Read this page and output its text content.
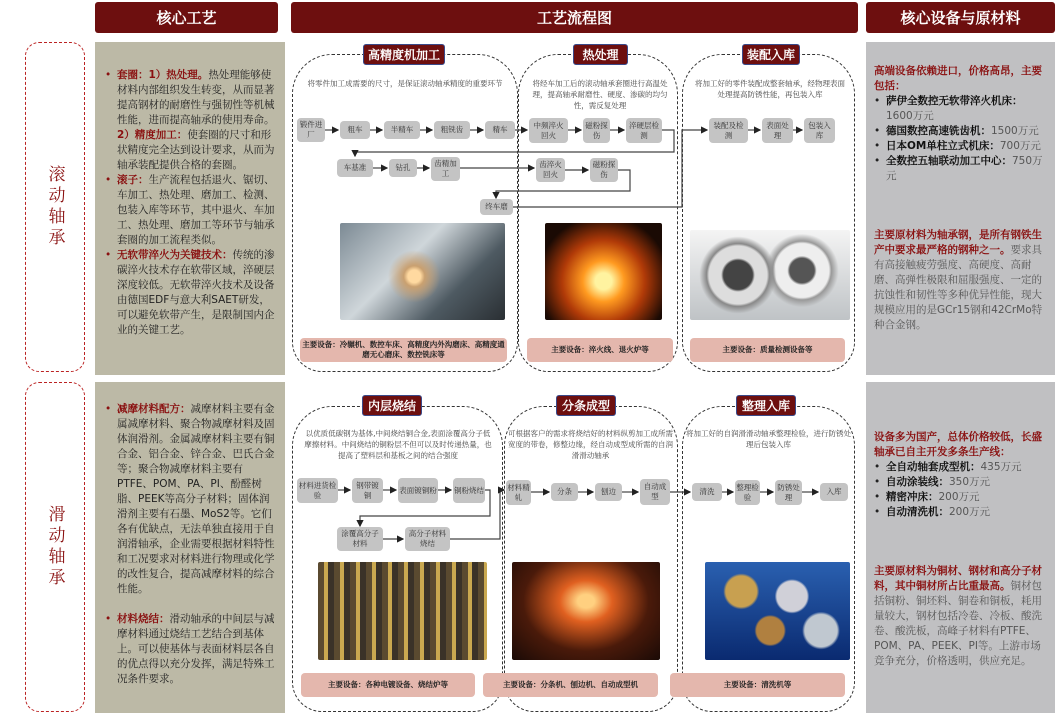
核心工艺	工艺流程图	核心设备与原材料
滚动轴承
滑动轴承
• 套圈：1）热处理。热处理能够使材料内部组织发生转变，从而显著提高钢材的耐磨性与强韧性等机械性能，进而提高轴承的使用寿命。2）精度加工：使套圈的尺寸和形状精度完全达到设计要求，从而为轴承装配提供合格的套圈。
• 滚子：生产流程包括退火、锯切、车加工、热处理、磨加工、检测、包装入库等环节，其中退火、车加工、热处理、磨加工等环节与轴承套圈的加工流程类似。
• 无软带淬火为关键技术：传统的渗碳淬火技术存在软带区域，淬硬层深度较低。无软带淬火技术及设备由德国EDF与意大利SAET研发，可以避免软带产生，是限制国内企业的关键工艺。
• 减摩材料配方：减摩材料主要有金属减摩材料、聚合物减摩材料及固体润滑剂。金属减摩材料主要有铜合金、铝合金、锌合金、巴氏合金等；聚合物减摩材料主要有PTFE、POM、PA、PI、酚醛树脂、PEEK等高分子材料；固体润滑剂主要有石墨、MoS2等。它们各有优缺点，无法单独直接用于自润滑轴承，企业需要根据材料特性和工况要求对材料进行物理或化学的改性复合，提高减摩材料的综合性能。
• 材料烧结：滑动轴承的中间层与减摩材料通过烧结工艺结合到基体上。可以使基体与表面材料层各自的优点得以充分发挥，满足特殊工况条件要求。
高端设备依赖进口，价格高昂，主要包括：
• 萨伊全数控无软带淬火机床：1600万元
• 德国数控高速铣齿机：1500万元
• 日本OM单柱立式机床：700万元
• 全数控五轴联动加工中心：750万元
主要原材料为轴承钢，是所有钢铁生产中要求最严格的钢种之一。要求具有高接触疲劳强度、高硬度、高耐磨、高弹性极限和屈服强度、一定的抗蚀性和韧性等多种优异性能，现大规模应用的是GCr15钢和42CrMo特种合金钢。
设备多为国产，总体价格较低，长盛轴承已自主开发多条生产线：
• 全自动轴套成型机：435万元
• 自动涂装线：350万元
• 精密冲床：200万元
• 自动清洗机：200万元
主要原材料为铜材、钢材和高分子材料，其中铜材所占比重最高。铜材包括铜粉、铜坯料、铜卷和铜板，耗用量较大，钢材包括冷卷、冷板、酸洗卷、酸洗板，高峰子材料有PTFE、POM、PA、PEEK、PI等。上游市场竞争充分，价格透明，供应充足。
高精度机加工	热处理	装配入库
将零件加工成需要的尺寸，是保证滚动轴承精度的重要环节	将经车加工后的滚动轴承套圈进行高温处理，提高轴承耐磨性、硬度、渗碳的均匀性，需反复处理
将加工好的零件装配成整套轴承，经物理表面处理提高防锈性能，再包装入库
锻件进厂
粗车	半精车	粗铣齿	精车
车基准	钻孔	齿精加工
终车磨
中频淬火回火
磁粉探伤
淬硬层检测
齿淬火回火
磁粉探伤
装配及检测
表面处理
包装入库
主要设备：冷辗机、数控车床、高精度内外沟磨床、高精度通磨无心磨床、数控铣床等
主要设备：淬火线、退火炉等	主要设备：质量检测设备等
内层烧结	分条成型	整理入库
以优质低碳钢为基体,中间烧结铜合金,表面涂覆高分子低摩擦材料。中间烧结的铜粉层不但可以及时传递热量，也提高了塑料层和基板之间的结合强度
可根据客户的需求将烧结好的材料纵剪加工成所需宽度的带卷，修整边缘，经自动成型成所需的自润滑滑动轴承
将加工好的自润滑滑动轴承整理检验，进行防锈处理后包装入库
材料进货检验
钢带镀铜
表面镀铜粉 铜粉烧结
涂覆高分子材料
高分子材料烧结
材料精轧
分条	刨边
自动成型
清洗	整理检验
防锈处理
入库
主要设备：各种电镀设备、烧结炉等	主要设备：分条机、刨边机、自动成型机	主要设备：清洗机等
